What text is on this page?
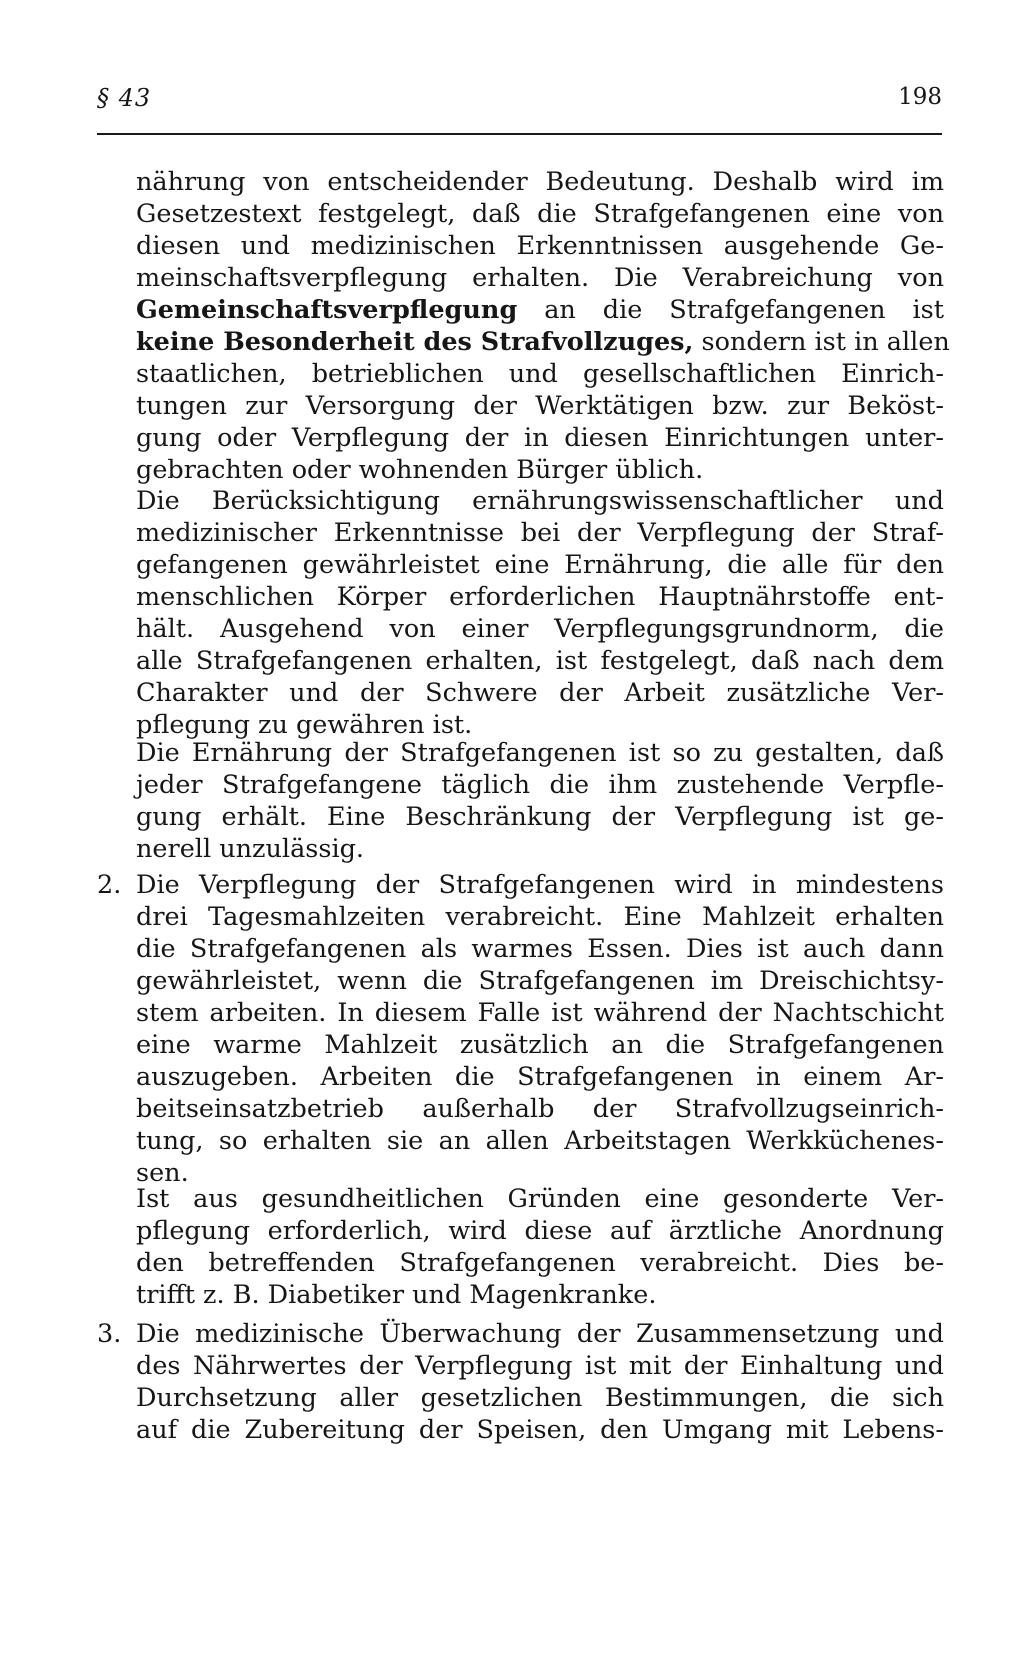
§ 43	198
nährung von entscheidender Bedeutung. Deshalb wird im
Gesetzestext festgelegt, daß die Strafgefangenen eine von
diesen und medizinischen Erkenntnissen ausgehende Ge-
meinschaftsverpflegung erhalten. Die Verabreichung von
Gemeinschaftsverpflegung an die Strafgefangenen ist
keine Besonderheit des Strafvollzuges, sondern ist in allen
staatlichen, betrieblichen und gesellschaftlichen Einrich-
tungen zur Versorgung der Werktätigen bzw. zur Beköst-
gung oder Verpflegung der in diesen Einrichtungen unter-
gebrachten oder wohnenden Bürger üblich.
Die Berücksichtigung ernährungswissenschaftlicher und
medizinischer Erkenntnisse bei der Verpflegung der Straf-
gefangenen gewährleistet eine Ernährung, die alle für den
menschlichen Körper erforderlichen Hauptnährstoffe ent-
hält. Ausgehend von einer Verpflegungsgrundnorm, die
alle Strafgefangenen erhalten, ist festgelegt, daß nach dem
Charakter und der Schwere der Arbeit zusätzliche Ver-
pflegung zu gewähren ist.
Die Ernährung der Strafgefangenen ist so zu gestalten, daß
jeder Strafgefangene täglich die ihm zustehende Verpfle-
gung erhält. Eine Beschränkung der Verpflegung ist ge-
nerell unzulässig.
2. Die Verpflegung der Strafgefangenen wird in mindestens
drei Tagesmahlzeiten verabreicht. Eine Mahlzeit erhalten
die Strafgefangenen als warmes Essen. Dies ist auch dann
gewährleistet, wenn die Strafgefangenen im Dreischichtsy-
stem arbeiten. In diesem Falle ist während der Nachtschicht
eine warme Mahlzeit zusätzlich an die Strafgefangenen
auszugeben. Arbeiten die Strafgefangenen in einem Ar-
beitseinsatzbetrieb außerhalb der Strafvollzugseinrich-
tung, so erhalten sie an allen Arbeitstagen Werkküchenes-
sen.
Ist aus gesundheitlichen Gründen eine gesonderte Ver-
pflegung erforderlich, wird diese auf ärztliche Anordnung
den betreffenden Strafgefangenen verabreicht. Dies be-
trifft z. B. Diabetiker und Magenkranke.
3. Die medizinische Überwachung der Zusammensetzung und
des Nährwertes der Verpflegung ist mit der Einhaltung und
Durchsetzung aller gesetzlichen Bestimmungen, die sich
auf die Zubereitung der Speisen, den Umgang mit Lebens-
